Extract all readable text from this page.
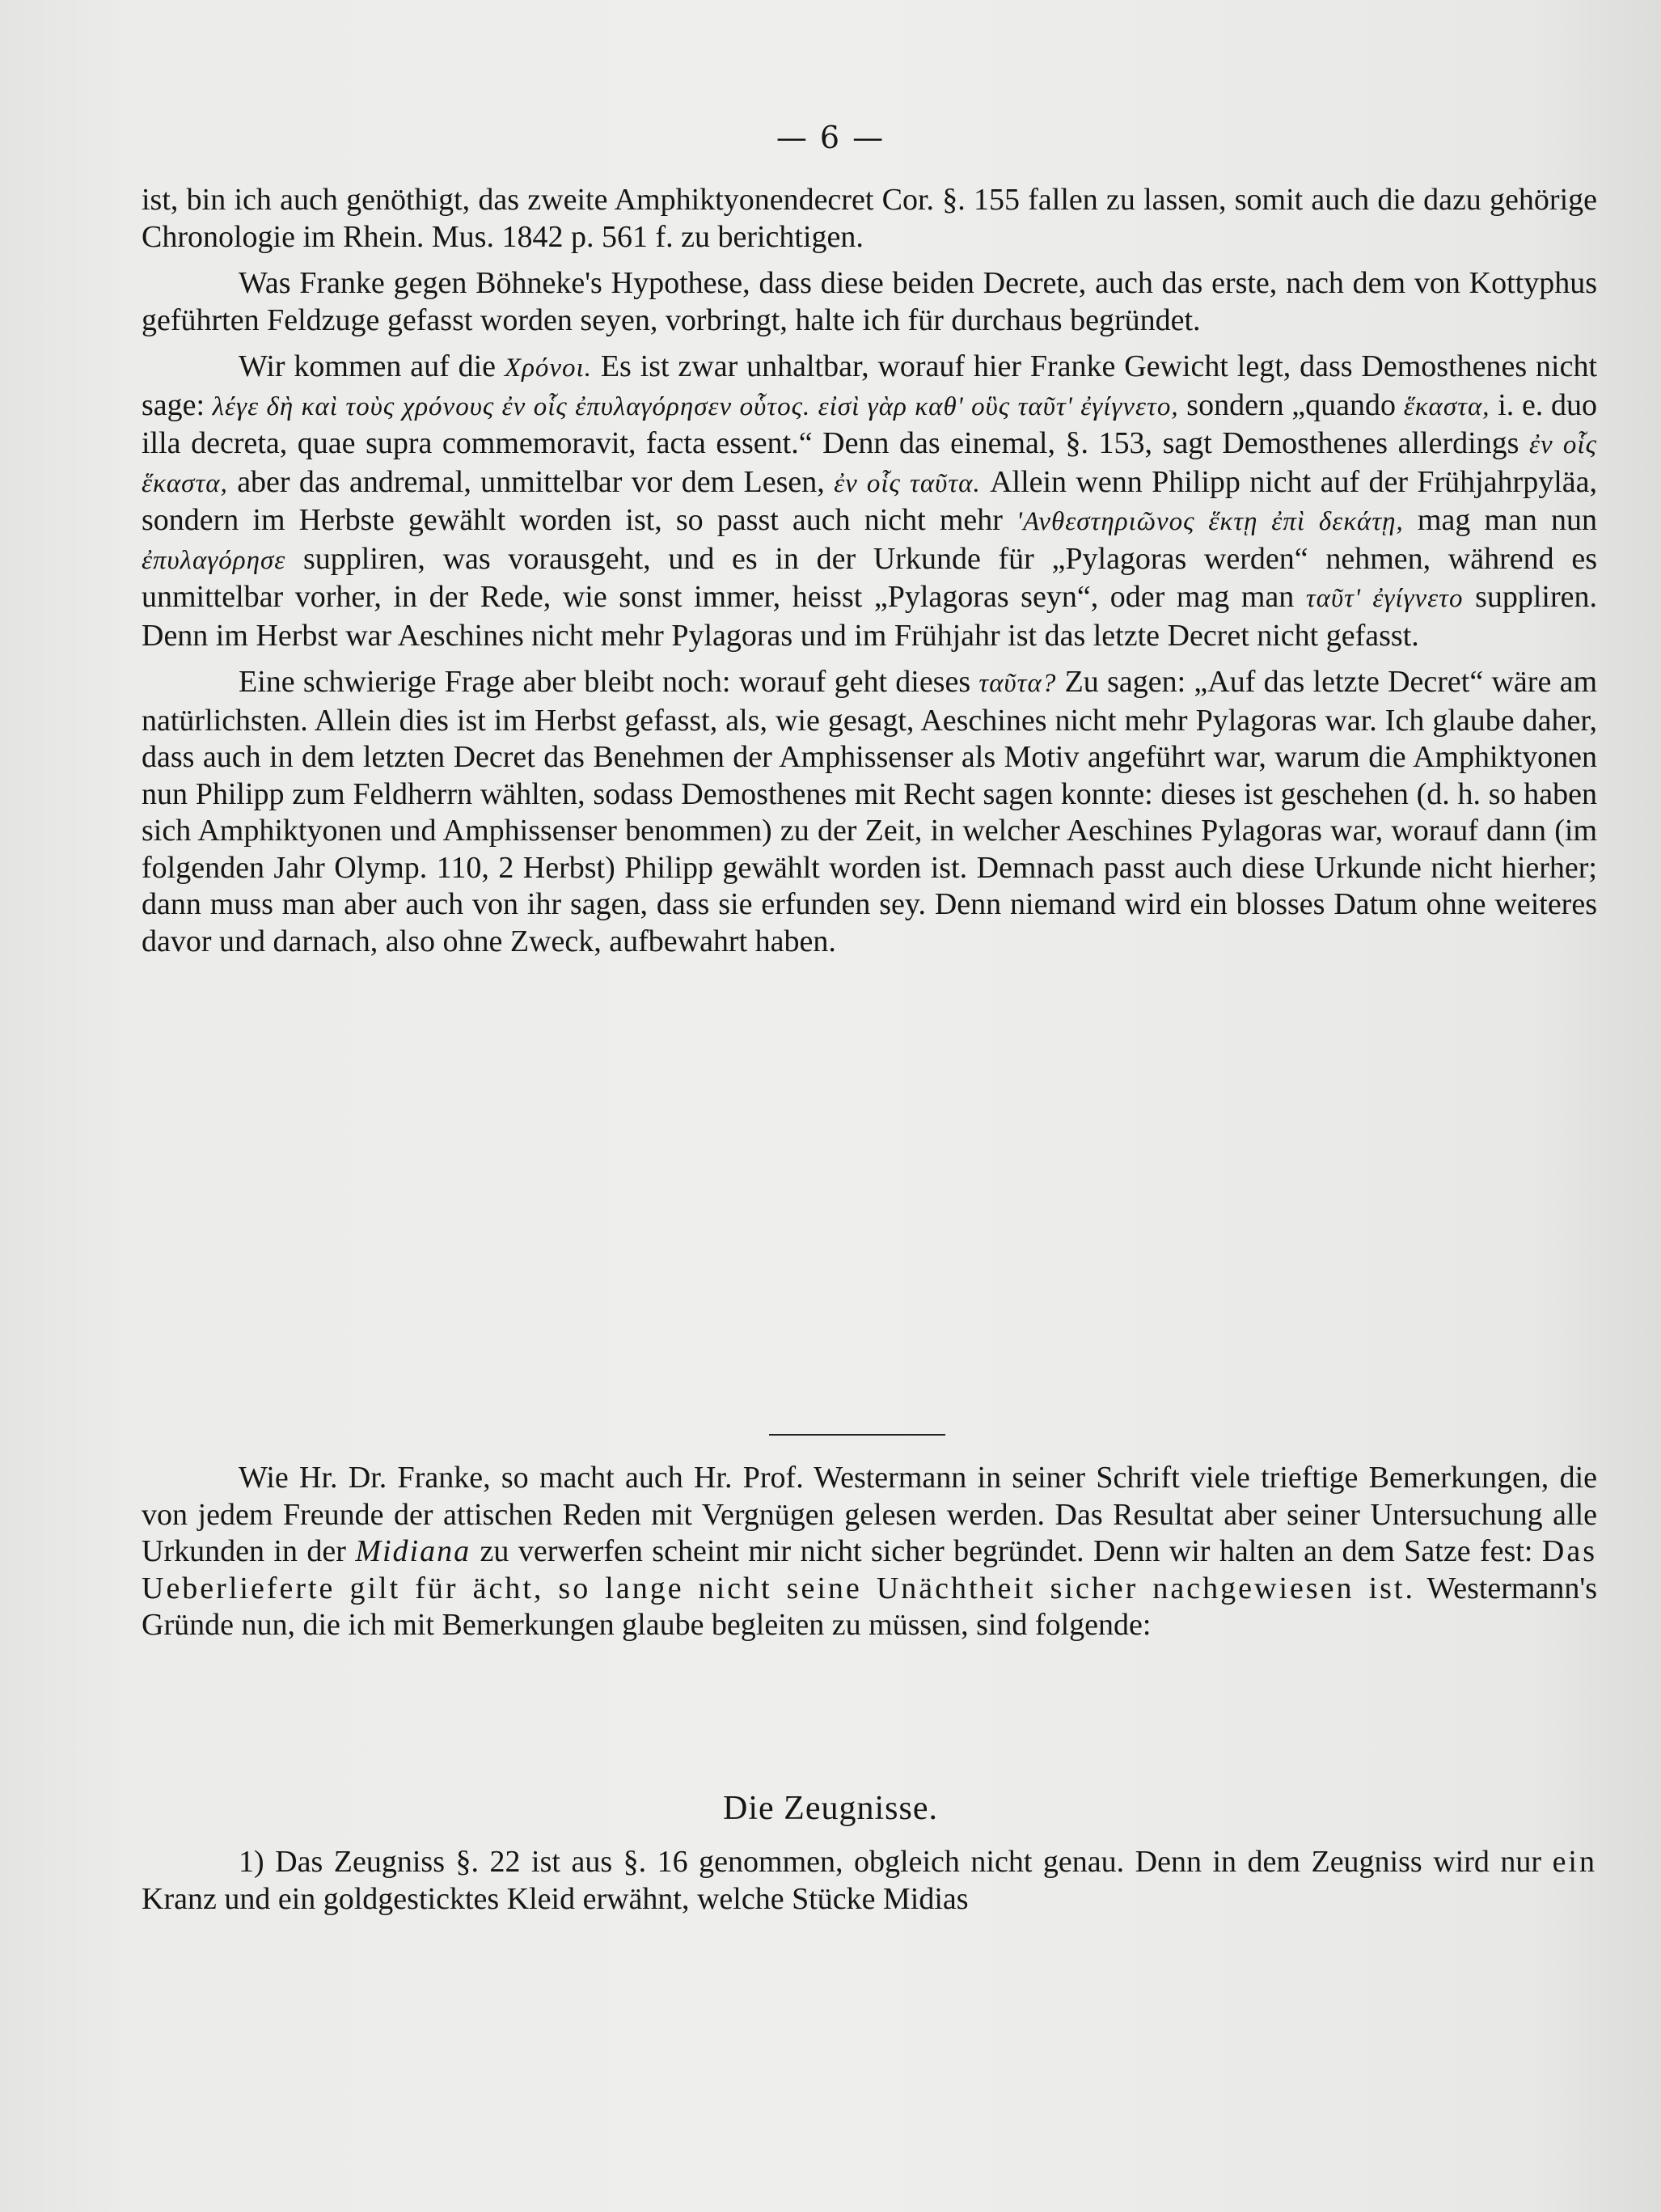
— 6 —

ist, bin ich auch genöthigt, das zweite Amphiktyonendecret Cor. §. 155 fallen zu lassen, somit auch die dazu gehörige Chronologie im Rhein. Mus. 1842 p. 561 f. zu berichtigen.

Was Franke gegen Böhneke's Hypothese, dass diese beiden Decrete, auch das erste, nach dem von Kottyphus geführten Feldzuge gefasst worden seyen, vorbringt, halte ich für durchaus begründet.

Wir kommen auf die Χρόνοι. Es ist zwar unhaltbar, worauf hier Franke Gewicht legt, dass Demosthenes nicht sage: λέγε δὴ καὶ τοὺς χρόνους ἐν οἷς ἐπυλαγόρησεν οὗτος. εἰσὶ γὰρ καθ' οὓς ταῦτ' ἐγίγνετο, sondern „quando ἕκαστα, i. e. duo illa decreta, quae supra commemoravit, facta essent.“ Denn das einemal, §. 153, sagt Demosthenes allerdings ἐν οἷς ἕκαστα, aber das andremal, unmittelbar vor dem Lesen, ἐν οἷς ταῦτα. Allein wenn Philipp nicht auf der Frühjahrpyläa, sondern im Herbste gewählt worden ist, so passt auch nicht mehr 'Ανθεστηριῶνος ἕκτῃ ἐπὶ δεκάτῃ, mag man nun ἐπυλαγόρησε suppliren, was vorausgeht, und es in der Urkunde für „Pylagoras werden“ nehmen, während es unmittelbar vorher, in der Rede, wie sonst immer, heisst „Pylagoras seyn“, oder mag man ταῦτ' ἐγίγνετο suppliren. Denn im Herbst war Aeschines nicht mehr Pylagoras und im Frühjahr ist das letzte Decret nicht gefasst.

Eine schwierige Frage aber bleibt noch: worauf geht dieses ταῦτα? Zu sagen: „Auf das letzte Decret“ wäre am natürlichsten. Allein dies ist im Herbst gefasst, als, wie gesagt, Aeschines nicht mehr Pylagoras war. Ich glaube daher, dass auch in dem letzten Decret das Benehmen der Amphissenser als Motiv angeführt war, warum die Amphiktyonen nun Philipp zum Feldherrn wählten, sodass Demosthenes mit Recht sagen konnte: dieses ist geschehen (d. h. so haben sich Amphiktyonen und Amphissenser benommen) zu der Zeit, in welcher Aeschines Pylagoras war, worauf dann (im folgenden Jahr Olymp. 110, 2 Herbst) Philipp gewählt worden ist. Demnach passt auch diese Urkunde nicht hierher; dann muss man aber auch von ihr sagen, dass sie erfunden sey. Denn niemand wird ein blosses Datum ohne weiteres davor und darnach, also ohne Zweck, aufbewahrt haben.

Wie Hr. Dr. Franke, so macht auch Hr. Prof. Westermann in seiner Schrift viele trieftige Bemerkungen, die von jedem Freunde der attischen Reden mit Vergnügen gelesen werden. Das Resultat aber seiner Untersuchung alle Urkunden in der Midiana zu verwerfen scheint mir nicht sicher begründet. Denn wir halten an dem Satze fest: Das Ueberlieferte gilt für ächt, so lange nicht seine Unächtheit sicher nachgewiesen ist. Westermann's Gründe nun, die ich mit Bemerkungen glaube begleiten zu müssen, sind folgende:

Die Zeugnisse.

1) Das Zeugniss §. 22 ist aus §. 16 genommen, obgleich nicht genau. Denn in dem Zeugniss wird nur ein Kranz und ein goldgesticktes Kleid erwähnt, welche Stücke Midias
